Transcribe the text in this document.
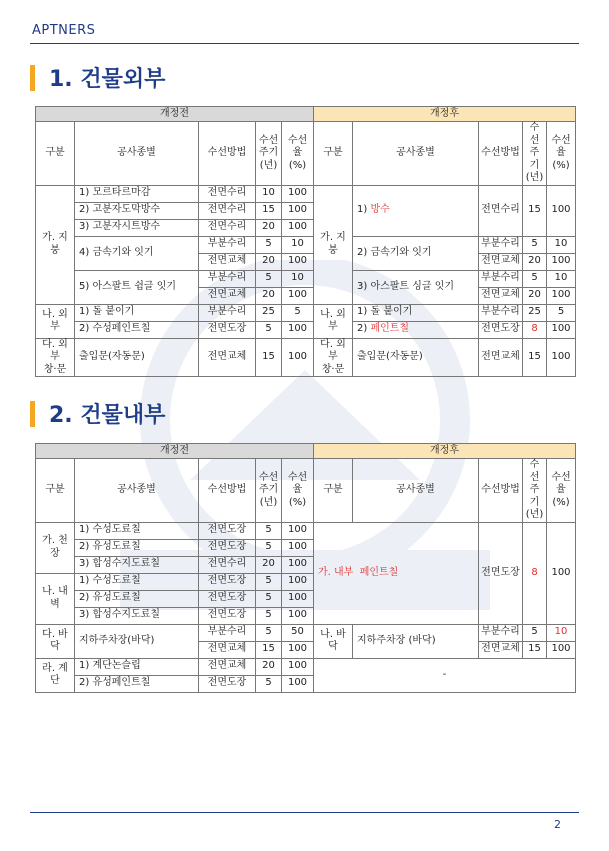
APTNERS
1. 건물외부
개정전					개정후				
구분	공사종별	수선방법	수선
주기
(년)	수선율
(%)	구분	공사종별	수선방법	수선
주기
(년)	수선율
(%)
가. 지붕	1) 모르타르마감	전면수리	10	100	가. 지붕	1) 방수	전면수리	15	100
	2) 고분자도막방수	전면수리	15	100					
	3) 고분자시트방수	전면수리	20	100					
	4) 금속기와 잇기	부분수리	5	10		2) 금속기와 잇기	부분수리	5	10
		전면교체	20	100			전면교체	20	100
	5) 아스팔트 쉼글 잇기	부분수리	5	10		3) 아스팔트 싱글 잇기	부분수리	5	10
		전면교체	20	100			전면교체	20	100
나. 외부	1) 돌 붙이기	부분수리	25	5	나. 외부	1) 돌 붙이기	부분수리	25	5
	2) 수성페인트칠	전면도장	5	100		2) 페인트칠	전면도장	8	100
다. 외부
창·문	출입문(자동문)	전면교체	15	100	다. 외부
창·문	출입문(자동문)	전면교체	15	100
2. 건물내부
개정전					개정후				
구분	공사종별	수선방법	수선
주기
(년)	수선율
(%)	구분	공사종별	수선방법	수선
주기
(년)	수선율
(%)
가. 천장	1) 수성도료칠	전면도장	5	100	가. 내부 페인트칠		전면도장	8	100
	2) 유성도료칠	전면도장	5	100					
	3) 합성수지도료칠	전면수리	20	100					
나. 내벽	1) 수성도료칠	전면도장	5	100					
	2) 유성도료칠	전면도장	5	100					
	3) 합성수지도료칠	전면도장	5	100					
다. 바닥	지하주차장(바닥)	부분수리	5	50	나. 바닥	지하주차장 (바닥)	부분수리	5	10
		전면교체	15	100			전면교체	15	100
라. 계단	1) 계단논슬립	전면교체	20	100	-				
	2) 유성페인트칠	전면도장	5	100					
2
